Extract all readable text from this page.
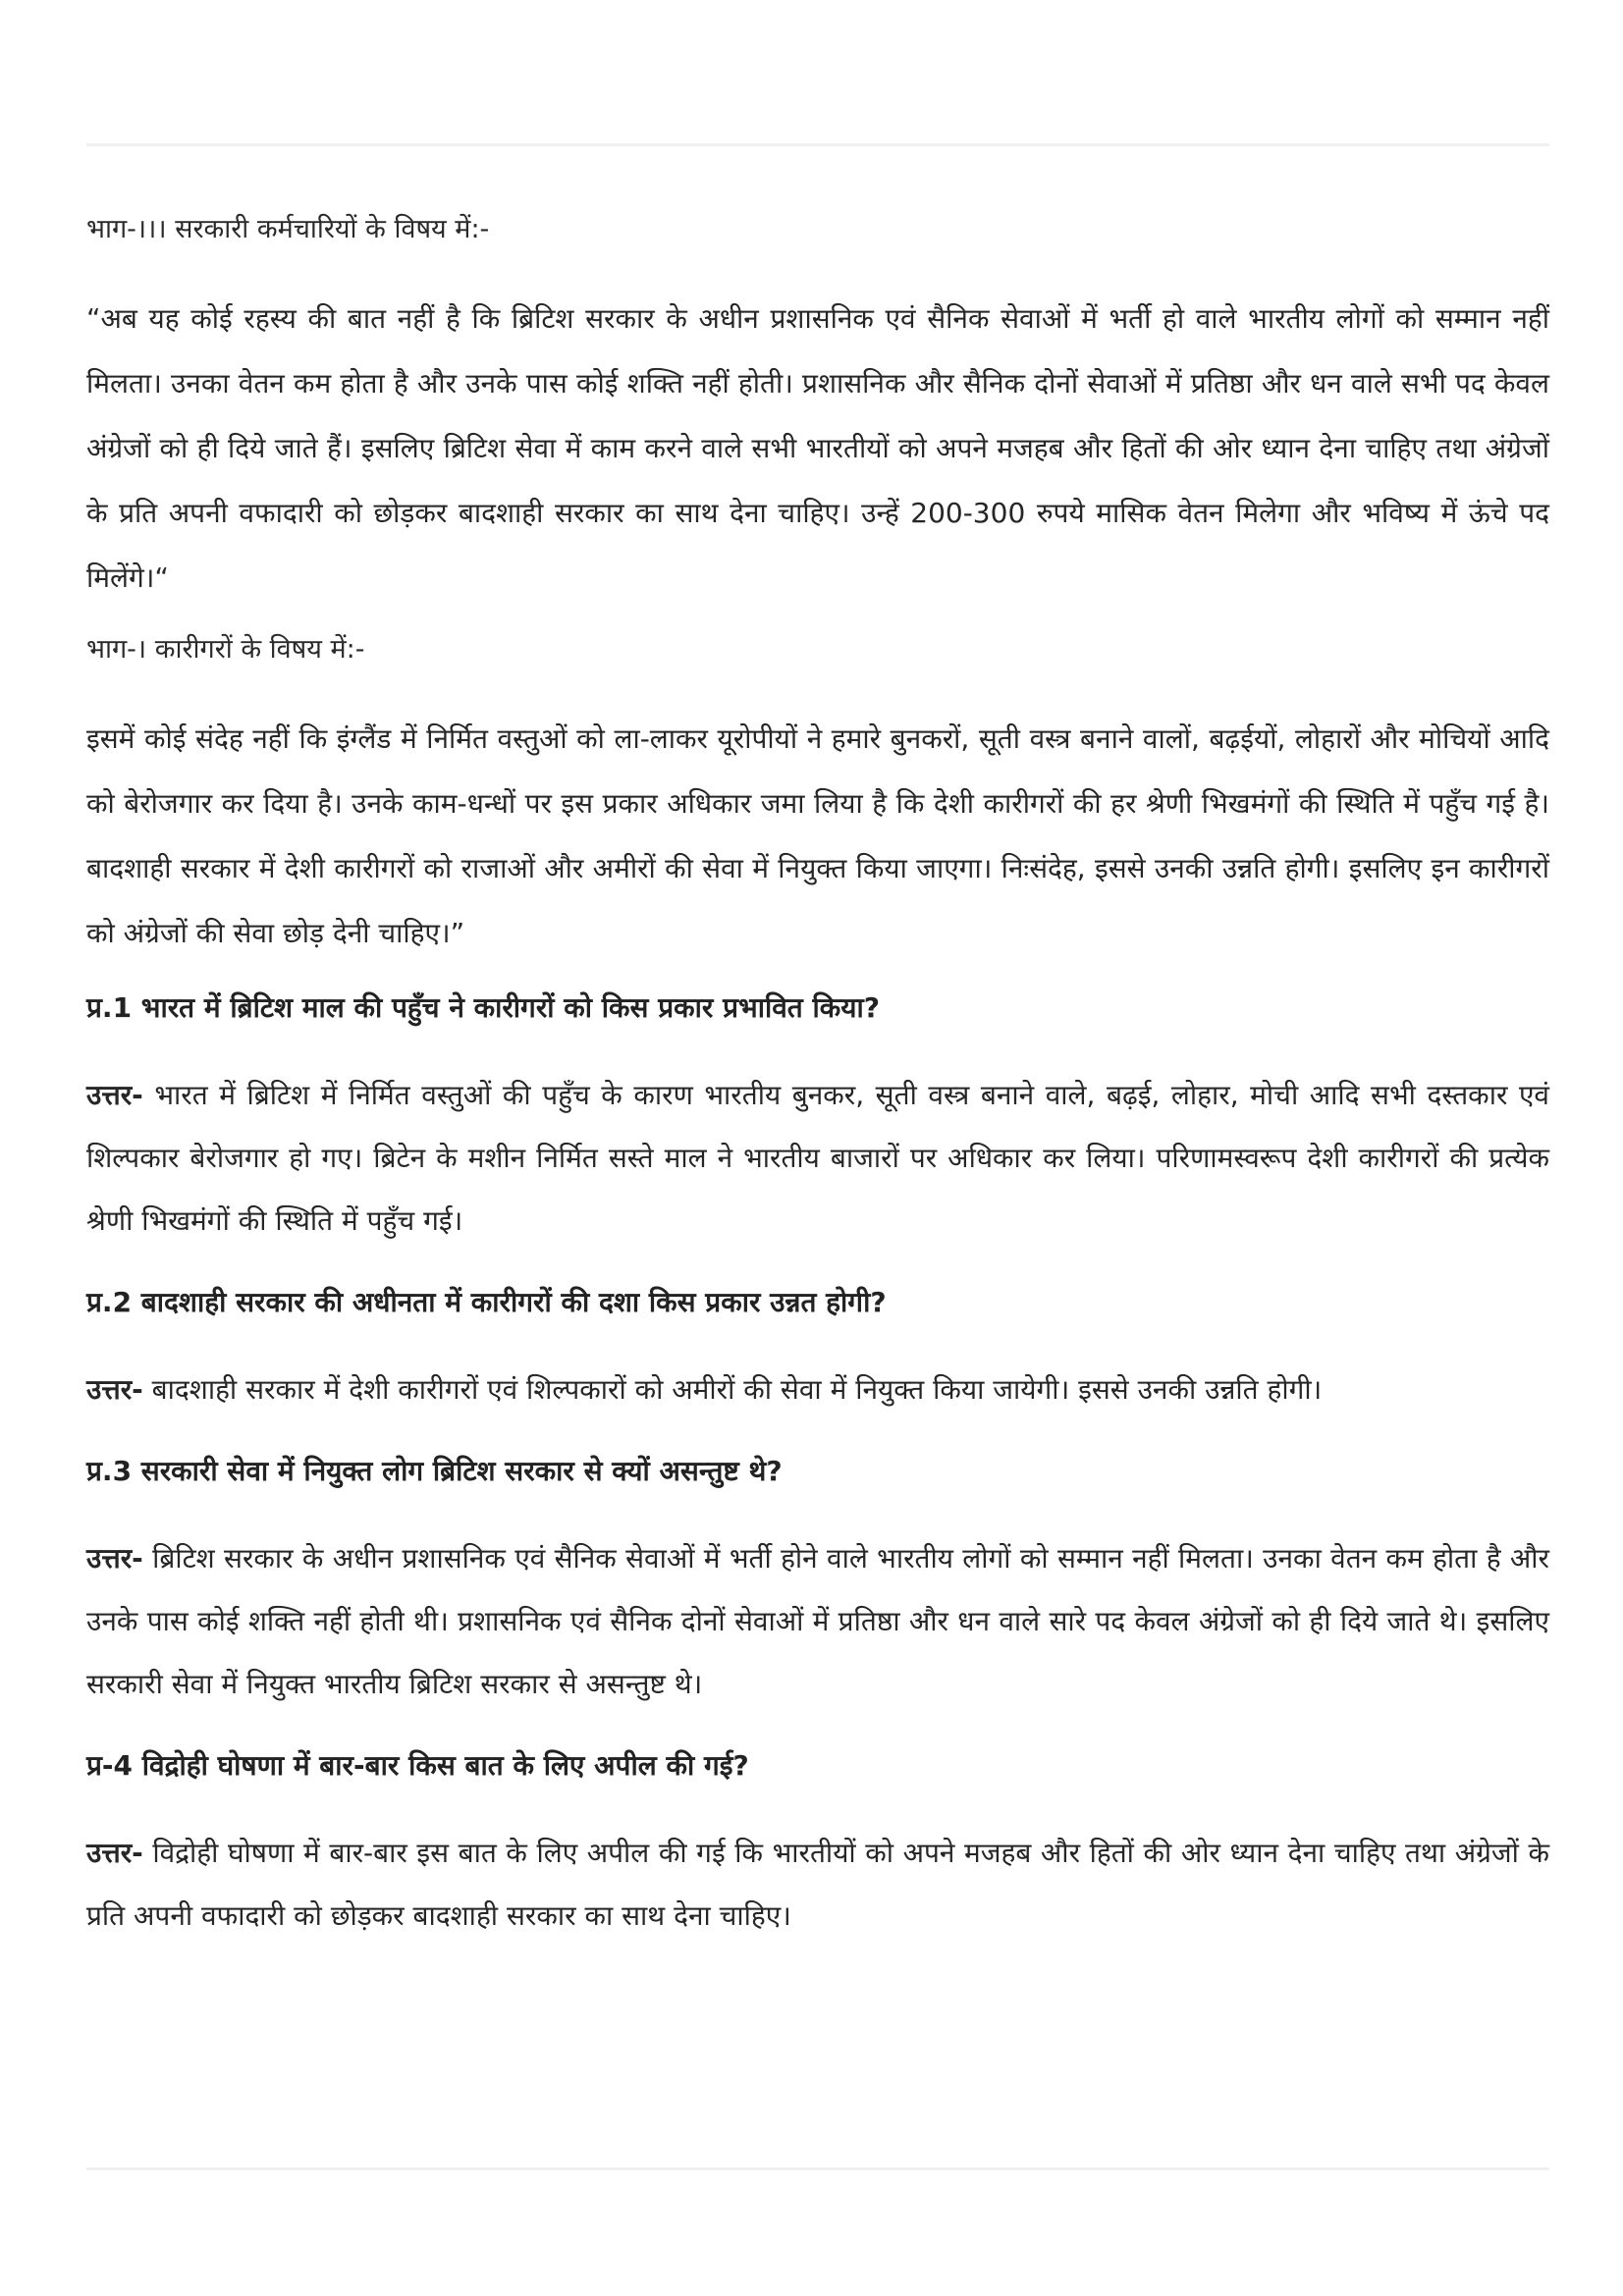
भाग-।।। सरकारी कर्मचारियों के विषय में:-

“अब यह कोई रहस्य की बात नहीं है कि ब्रिटिश सरकार के अधीन प्रशासनिक एवं सैनिक सेवाओं में भर्ती हो वाले भारतीय लोगों को सम्मान नहीं मिलता। उनका वेतन कम होता है और उनके पास कोई शक्ति नहीं होती। प्रशासनिक और सैनिक दोनों सेवाओं में प्रतिष्ठा और धन वाले सभी पद केवल अंग्रेजों को ही दिये जाते हैं। इसलिए ब्रिटिश सेवा में काम करने वाले सभी भारतीयों को अपने मजहब और हितों की ओर ध्यान देना चाहिए तथा अंग्रेजों के प्रति अपनी वफादारी को छोड़कर बादशाही सरकार का साथ देना चाहिए। उन्हें 200-300 रुपये मासिक वेतन मिलेगा और भविष्य में ऊंचे पद मिलेंगे।“

भाग-। कारीगरों के विषय में:-

इसमें कोई संदेह नहीं कि इंग्लैंड में निर्मित वस्तुओं को ला-लाकर यूरोपीयों ने हमारे बुनकरों, सूती वस्त्र बनाने वालों, बढ़ईयों, लोहारों और मोचियों आदि को बेरोजगार कर दिया है। उनके काम-धन्धों पर इस प्रकार अधिकार जमा लिया है कि देशी कारीगरों की हर श्रेणी भिखमंगों की स्थिति में पहुँच गई है। बादशाही सरकार में देशी कारीगरों को राजाओं और अमीरों की सेवा में नियुक्त किया जाएगा। निःसंदेह, इससे उनकी उन्नति होगी। इसलिए इन कारीगरों को अंग्रेजों की सेवा छोड़ देनी चाहिए।”

प्र.1 भारत में ब्रिटिश माल की पहुँच ने कारीगरों को किस प्रकार प्रभावित किया?

उत्तर- भारत में ब्रिटिश में निर्मित वस्तुओं की पहुँच के कारण भारतीय बुनकर, सूती वस्त्र बनाने वाले, बढ़ई, लोहार, मोची आदि सभी दस्तकार एवं शिल्पकार बेरोजगार हो गए। ब्रिटेन के मशीन निर्मित सस्ते माल ने भारतीय बाजारों पर अधिकार कर लिया। परिणामस्वरूप देशी कारीगरों की प्रत्येक श्रेणी भिखमंगों की स्थिति में पहुँच गई।

प्र.2 बादशाही सरकार की अधीनता में कारीगरों की दशा किस प्रकार उन्नत होगी?

उत्तर- बादशाही सरकार में देशी कारीगरों एवं शिल्पकारों को अमीरों की सेवा में नियुक्त किया जायेगी। इससे उनकी उन्नति होगी।

प्र.3 सरकारी सेवा में नियुक्त लोग ब्रिटिश सरकार से क्यों असन्तुष्ट थे?

उत्तर- ब्रिटिश सरकार के अधीन प्रशासनिक एवं सैनिक सेवाओं में भर्ती होने वाले भारतीय लोगों को सम्मान नहीं मिलता। उनका वेतन कम होता है और उनके पास कोई शक्ति नहीं होती थी। प्रशासनिक एवं सैनिक दोनों सेवाओं में प्रतिष्ठा और धन वाले सारे पद केवल अंग्रेजों को ही दिये जाते थे। इसलिए सरकारी सेवा में नियुक्त भारतीय ब्रिटिश सरकार से असन्तुष्ट थे।

प्र-4 विद्रोही घोषणा में बार-बार किस बात के लिए अपील की गई?

उत्तर- विद्रोही घोषणा में बार-बार इस बात के लिए अपील की गई कि भारतीयों को अपने मजहब और हितों की ओर ध्यान देना चाहिए तथा अंग्रेजों के प्रति अपनी वफादारी को छोड़कर बादशाही सरकार का साथ देना चाहिए।
